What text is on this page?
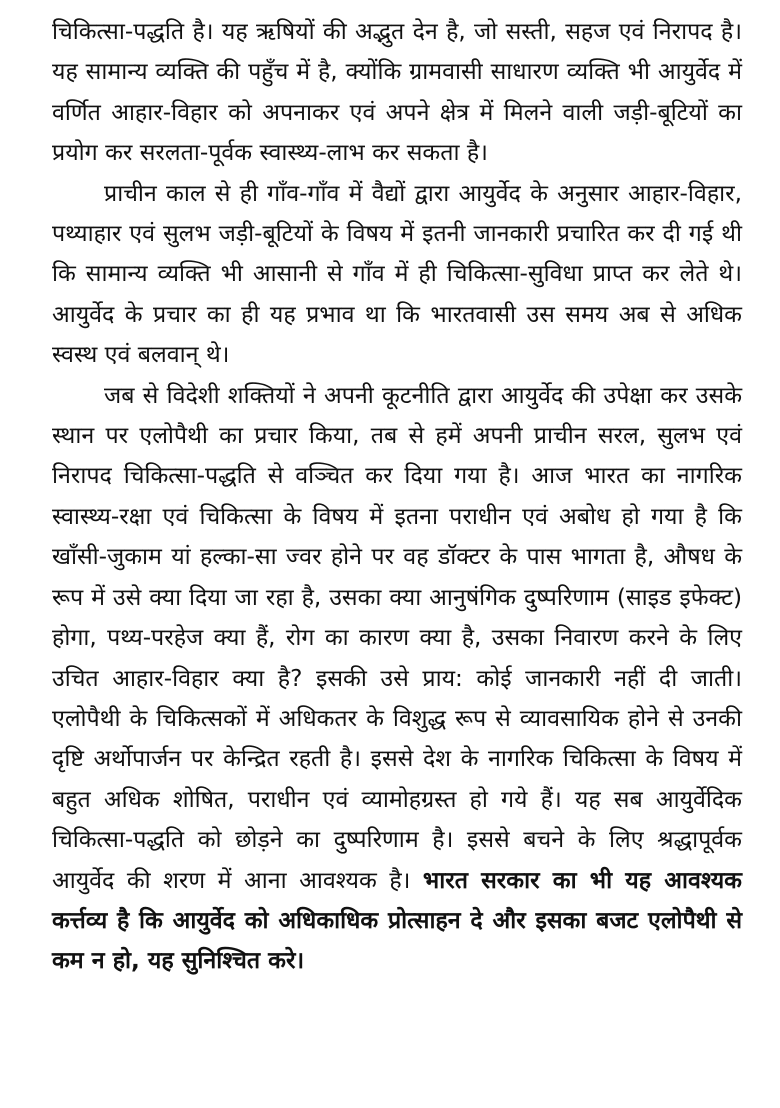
चिकित्सा-पद्धति है। यह ऋषियों की अद्भुत देन है, जो सस्ती, सहज एवं निरापद है। यह सामान्य व्यक्ति की पहुँच में है, क्योंकि ग्रामवासी साधारण व्यक्ति भी आयुर्वेद में वर्णित आहार-विहार को अपनाकर एवं अपने क्षेत्र में मिलने वाली जड़ी-बूटियों का प्रयोग कर सरलता-पूर्वक स्वास्थ्य-लाभ कर सकता है।

प्राचीन काल से ही गाँव-गाँव में वैद्यों द्वारा आयुर्वेद के अनुसार आहार-विहार, पथ्याहार एवं सुलभ जड़ी-बूटियों के विषय में इतनी जानकारी प्रचारित कर दी गई थी कि सामान्य व्यक्ति भी आसानी से गाँव में ही चिकित्सा-सुविधा प्राप्त कर लेते थे। आयुर्वेद के प्रचार का ही यह प्रभाव था कि भारतवासी उस समय अब से अधिक स्वस्थ एवं बलवान् थे।

जब से विदेशी शक्तियों ने अपनी कूटनीति द्वारा आयुर्वेद की उपेक्षा कर उसके स्थान पर एलोपैथी का प्रचार किया, तब से हमें अपनी प्राचीन सरल, सुलभ एवं निरापद चिकित्सा-पद्धति से वञ्चित कर दिया गया है। आज भारत का नागरिक स्वास्थ्य-रक्षा एवं चिकित्सा के विषय में इतना पराधीन एवं अबोध हो गया है कि खाँसी-जुकाम यां हल्का-सा ज्वर होने पर वह डॉक्टर के पास भागता है, औषध के रूप में उसे क्या दिया जा रहा है, उसका क्या आनुषंगिक दुष्परिणाम (साइड इफेक्ट) होगा, पथ्य-परहेज क्या हैं, रोग का कारण क्या है, उसका निवारण करने के लिए उचित आहार-विहार क्या है? इसकी उसे प्राय: कोई जानकारी नहीं दी जाती। एलोपैथी के चिकित्सकों में अधिकतर के विशुद्ध रूप से व्यावसायिक होने से उनकी दृष्टि अर्थोपार्जन पर केन्द्रित रहती है। इससे देश के नागरिक चिकित्सा के विषय में बहुत अधिक शोषित, पराधीन एवं व्यामोहग्रस्त हो गये हैं। यह सब आयुर्वेदिक चिकित्सा-पद्धति को छोड़ने का दुष्परिणाम है। इससे बचने के लिए श्रद्धापूर्वक आयुर्वेद की शरण में आना आवश्यक है। भारत सरकार का भी यह आवश्यक कर्त्तव्य है कि आयुर्वेद को अधिकाधिक प्रोत्साहन दे और इसका बजट एलोपैथी से कम न हो, यह सुनिश्चित करे।
